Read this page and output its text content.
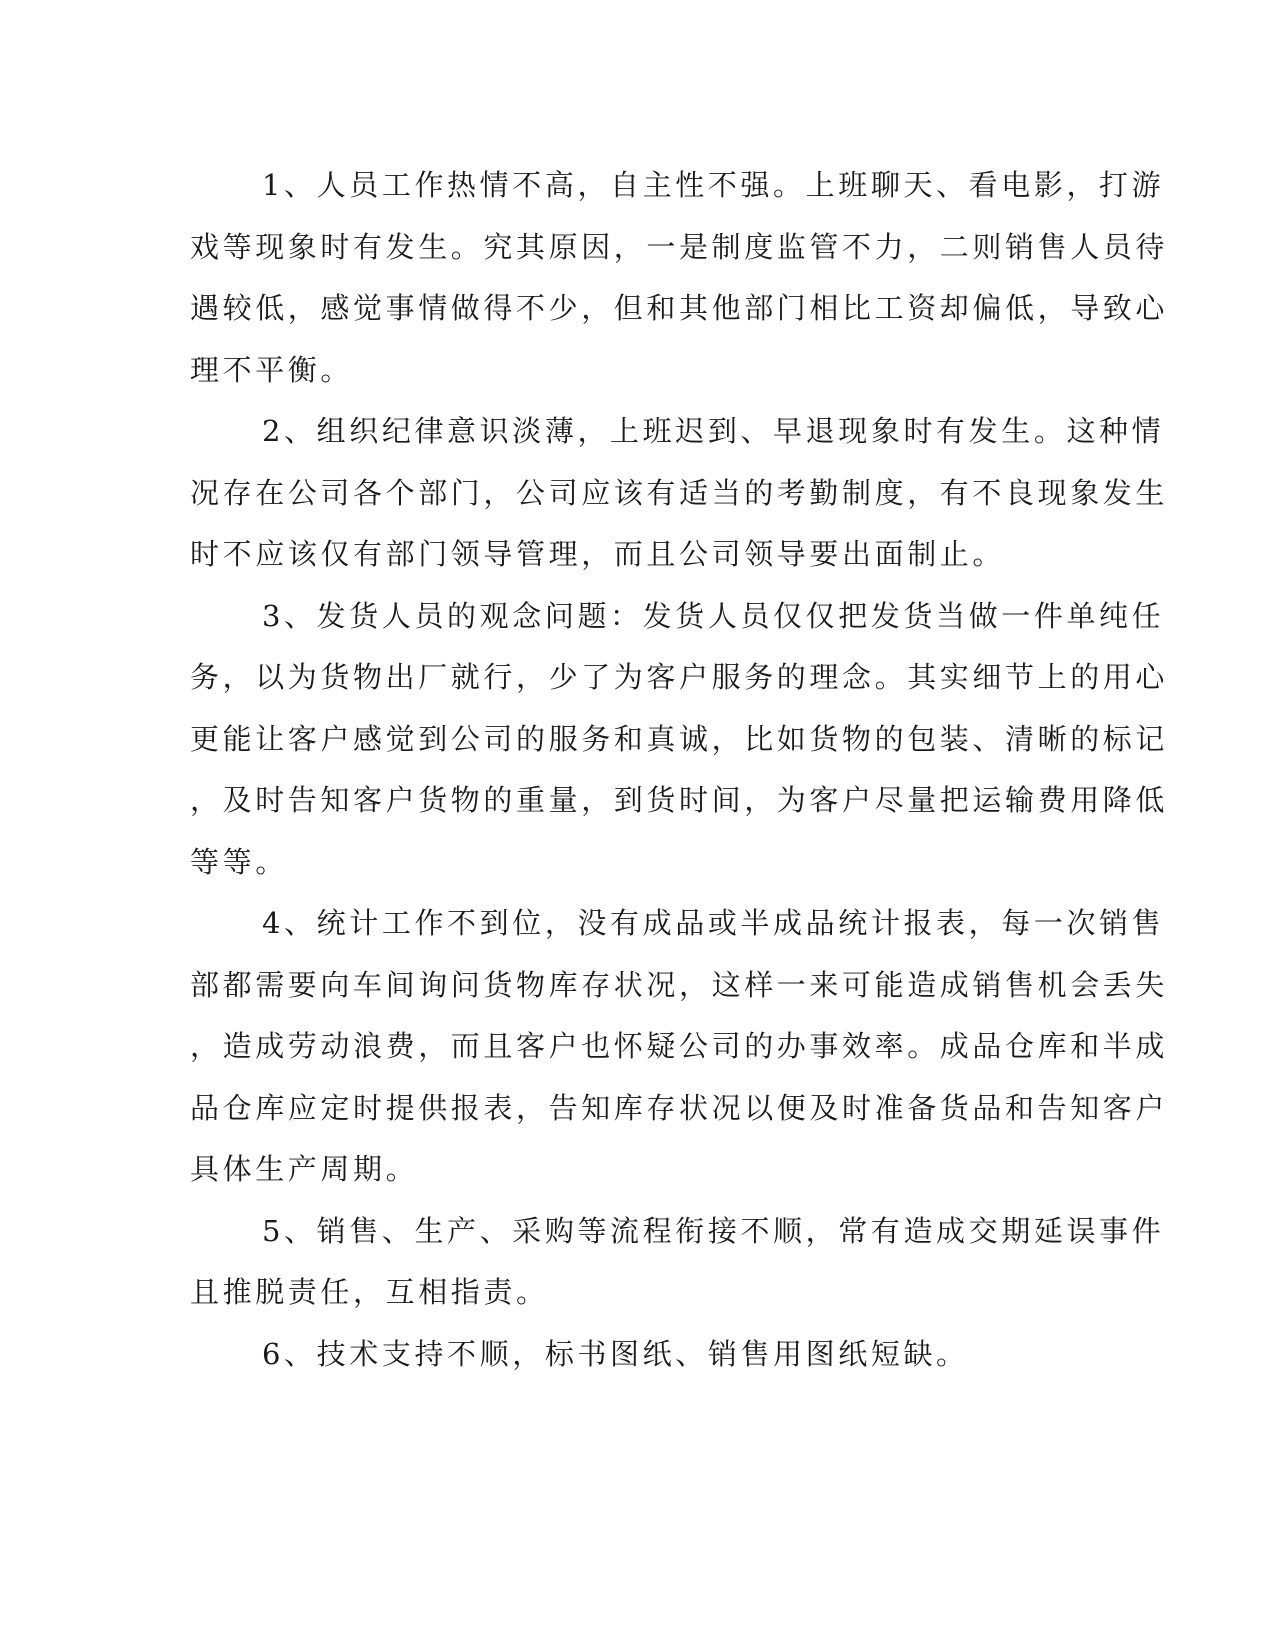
1、人员工作热情不高，自主性不强。上班聊天、看电影，打游
戏等现象时有发生。究其原因，一是制度监管不力，二则销售人员待
遇较低，感觉事情做得不少，但和其他部门相比工资却偏低，导致心
理不平衡。

2、组织纪律意识淡薄，上班迟到、早退现象时有发生。这种情
况存在公司各个部门，公司应该有适当的考勤制度，有不良现象发生
时不应该仅有部门领导管理，而且公司领导要出面制止。

3、发货人员的观念问题：发货人员仅仅把发货当做一件单纯任
务，以为货物出厂就行，少了为客户服务的理念。其实细节上的用心
更能让客户感觉到公司的服务和真诚，比如货物的包装、清晰的标记
，及时告知客户货物的重量，到货时间，为客户尽量把运输费用降低
等等。

4、统计工作不到位，没有成品或半成品统计报表，每一次销售
部都需要向车间询问货物库存状况，这样一来可能造成销售机会丢失
，造成劳动浪费，而且客户也怀疑公司的办事效率。成品仓库和半成
品仓库应定时提供报表，告知库存状况以便及时准备货品和告知客户
具体生产周期。

5、销售、生产、采购等流程衔接不顺，常有造成交期延误事件
且推脱责任，互相指责。

6、技术支持不顺，标书图纸、销售用图纸短缺。
